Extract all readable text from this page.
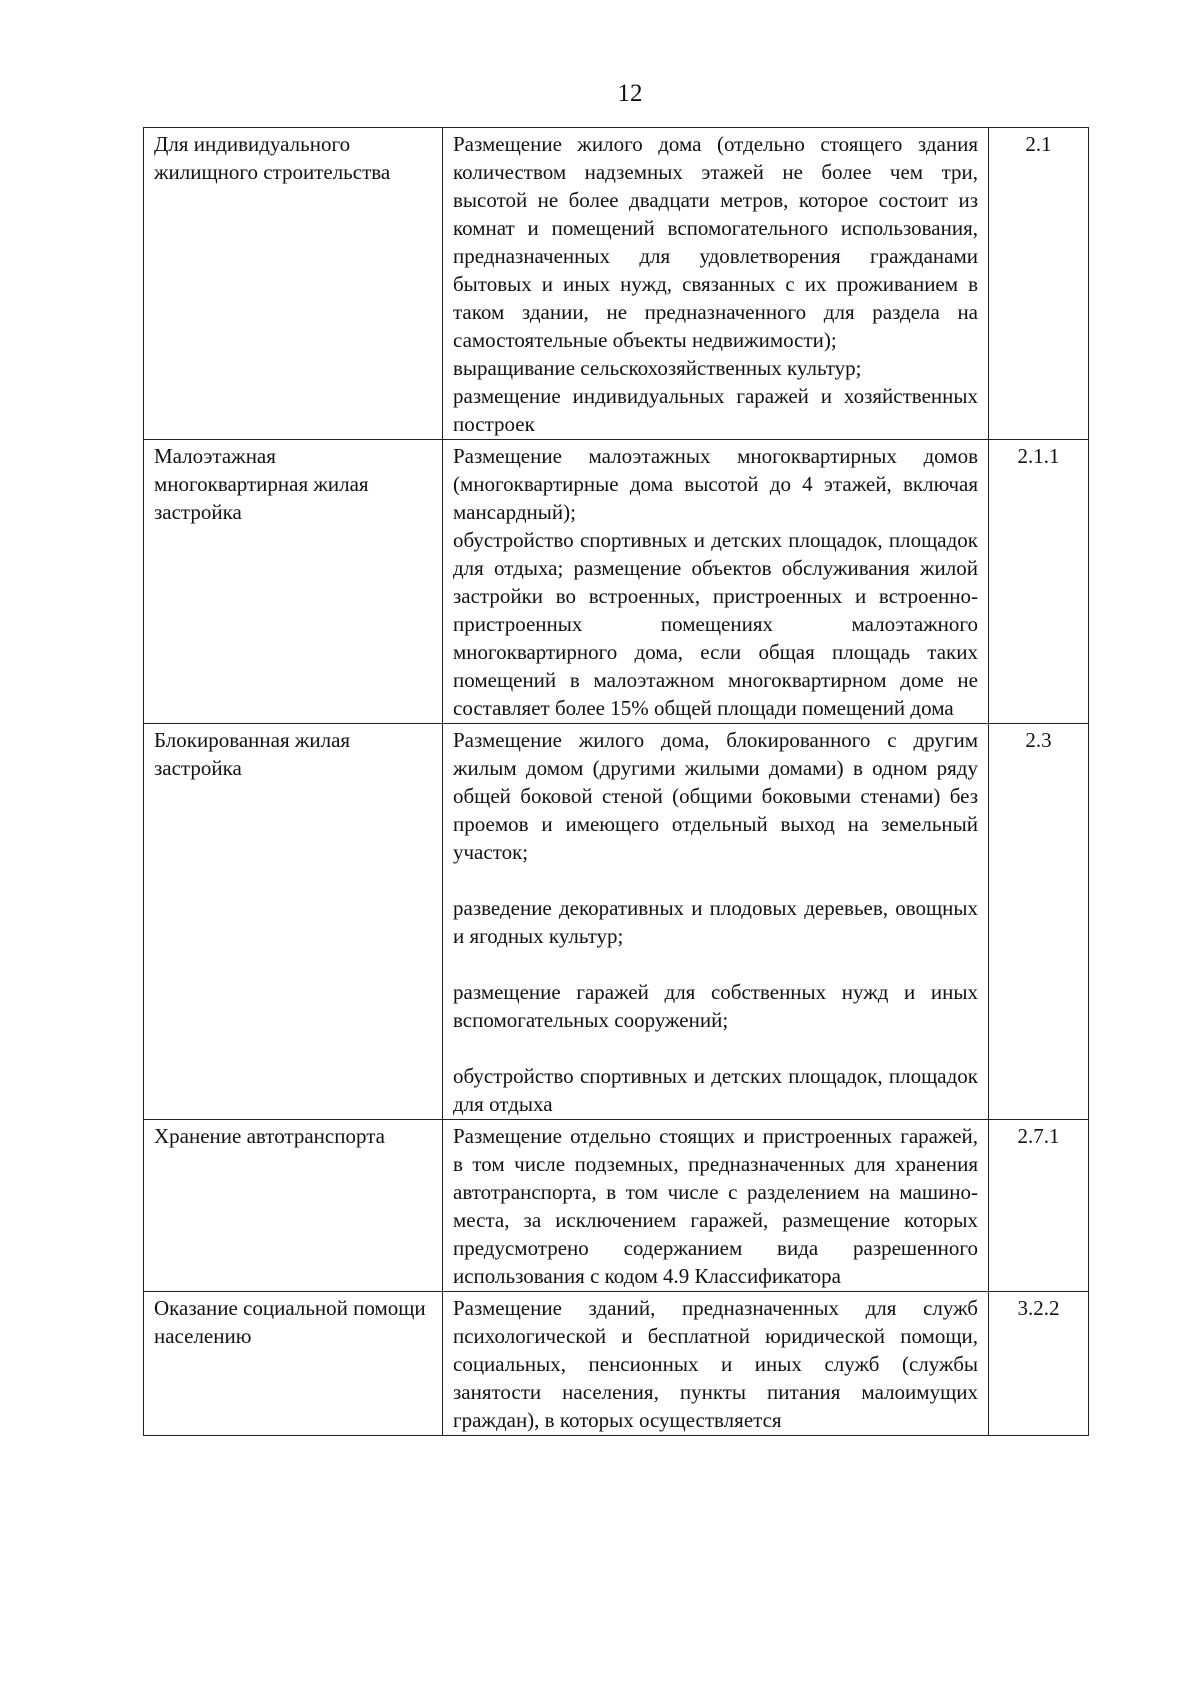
12
Для индивидуального жилищного строительства	Размещение жилого дома (отдельно стоящего здания количеством надземных этажей не более чем три, высотой не более двадцати метров, которое состоит из комнат и помещений вспомогательного использования, предназначенных для удовлетворения гражданами бытовых и иных нужд, связанных с их проживанием в таком здании, не предназначенного для раздела на самостоятельные объекты недвижимости);

выращивание сельскохозяйственных культур;

размещение индивидуальных гаражей и хозяйственных построек	2.1
Малоэтажная многоквартирная жилая застройка	Размещение малоэтажных многоквартирных домов (многоквартирные дома высотой до 4 этажей, включая мансардный);

обустройство спортивных и детских площадок, площадок для отдыха; размещение объектов обслуживания жилой застройки во встроенных, пристроенных и встроенно-пристроенных помещениях малоэтажного многоквартирного дома, если общая площадь таких помещений в малоэтажном многоквартирном доме не составляет более 15% общей площади помещений дома	2.1.1
Блокированная жилая застройка	Размещение жилого дома, блокированного с другим жилым домом (другими жилыми домами) в одном ряду общей боковой стеной (общими боковыми стенами) без проемов и имеющего отдельный выход на земельный участок;

разведение декоративных и плодовых деревьев, овощных и ягодных культур;

размещение гаражей для собственных нужд и иных вспомогательных сооружений;

обустройство спортивных и детских площадок, площадок для отдыха	2.3
Хранение автотранспорта	Размещение отдельно стоящих и пристроенных гаражей, в том числе подземных, предназначенных для хранения автотранспорта, в том числе с разделением на машино-места, за исключением гаражей, размещение которых предусмотрено содержанием вида разрешенного использования с кодом 4.9 Классификатора	2.7.1
Оказание социальной помощи населению	Размещение зданий, предназначенных для служб психологической и бесплатной юридической помощи, социальных, пенсионных и иных служб (службы занятости населения, пункты питания малоимущих граждан), в которых осуществляется	3.2.2
